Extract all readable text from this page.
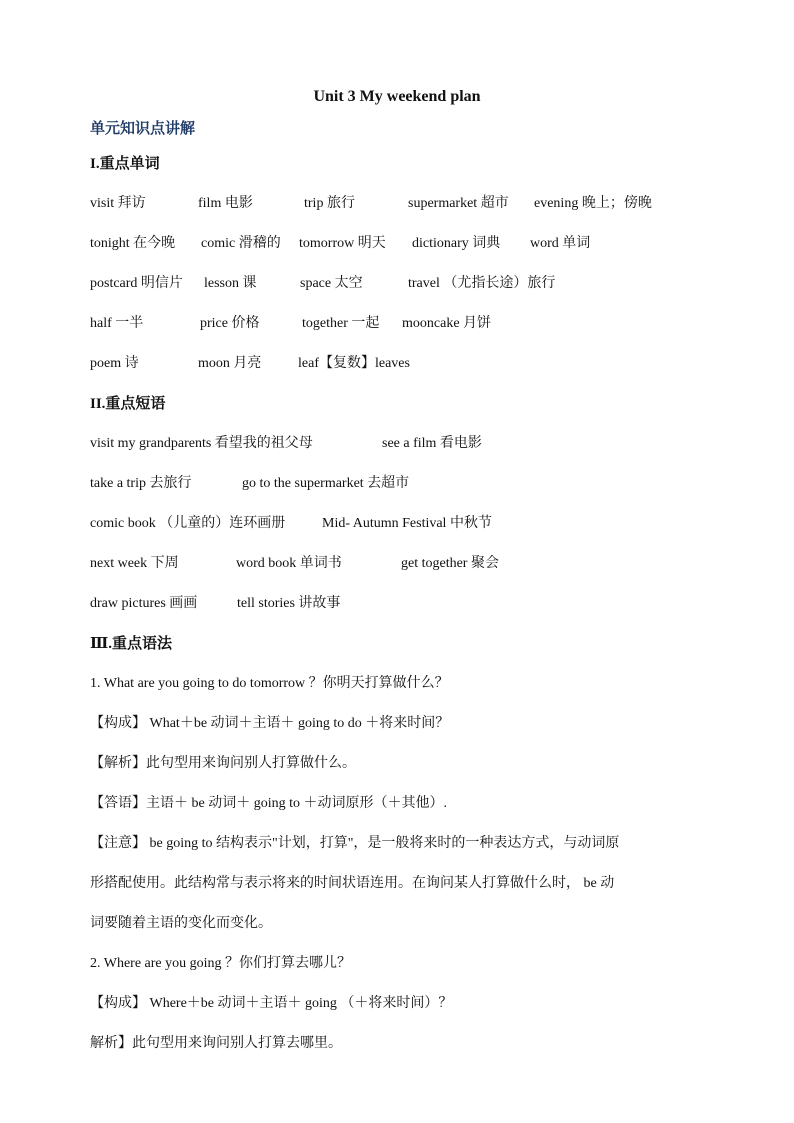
Unit 3 My weekend plan
单元知识点讲解
I.重点单词
visit 拜访	film 电影	trip 旅行	supermarket 超市 evening 晚上；傍晚
tonight 在今晚 comic 滑稽的 tomorrow 明天 dictionary 词典 word 单词
postcard 明信片 lesson 课	space 太空	travel （尤指长途）旅行
half 一半	price 价格	together 一起 mooncake 月饼
poem 诗	moon 月亮	leaf【复数】leaves
II.重点短语
visit my grandparents 看望我的祖父母	see a film 看电影
take a trip 去旅行	go to the supermarket 去超市
comic book （儿童的）连环画册	Mid- Autumn Festival 中秋节
next week 下周	word book 单词书	get together 聚会
draw pictures 画画	tell stories 讲故事
Ⅲ.重点语法
1. What are you going to do tomorrow ？你明天打算做什么？
【构成】 What＋be 动词＋主语＋ going to do ＋将来时间？
【解析】此句型用来询问别人打算做什么。
【答语】主语＋ be 动词＋ going to ＋动词原形（＋其他）.
【注意】 be going to 结构表示"计划，打算"，是一般将来时的一种表达方式，与动词原
形搭配使用。此结构常与表示将来的时间状语连用。在询问某人打算做什么时， be 动
词要随着主语的变化而变化。
2. Where are you going ？你们打算去哪儿？
【构成】 Where＋be 动词＋主语＋ going （＋将来时间）？
解析】此句型用来询问别人打算去哪里。
